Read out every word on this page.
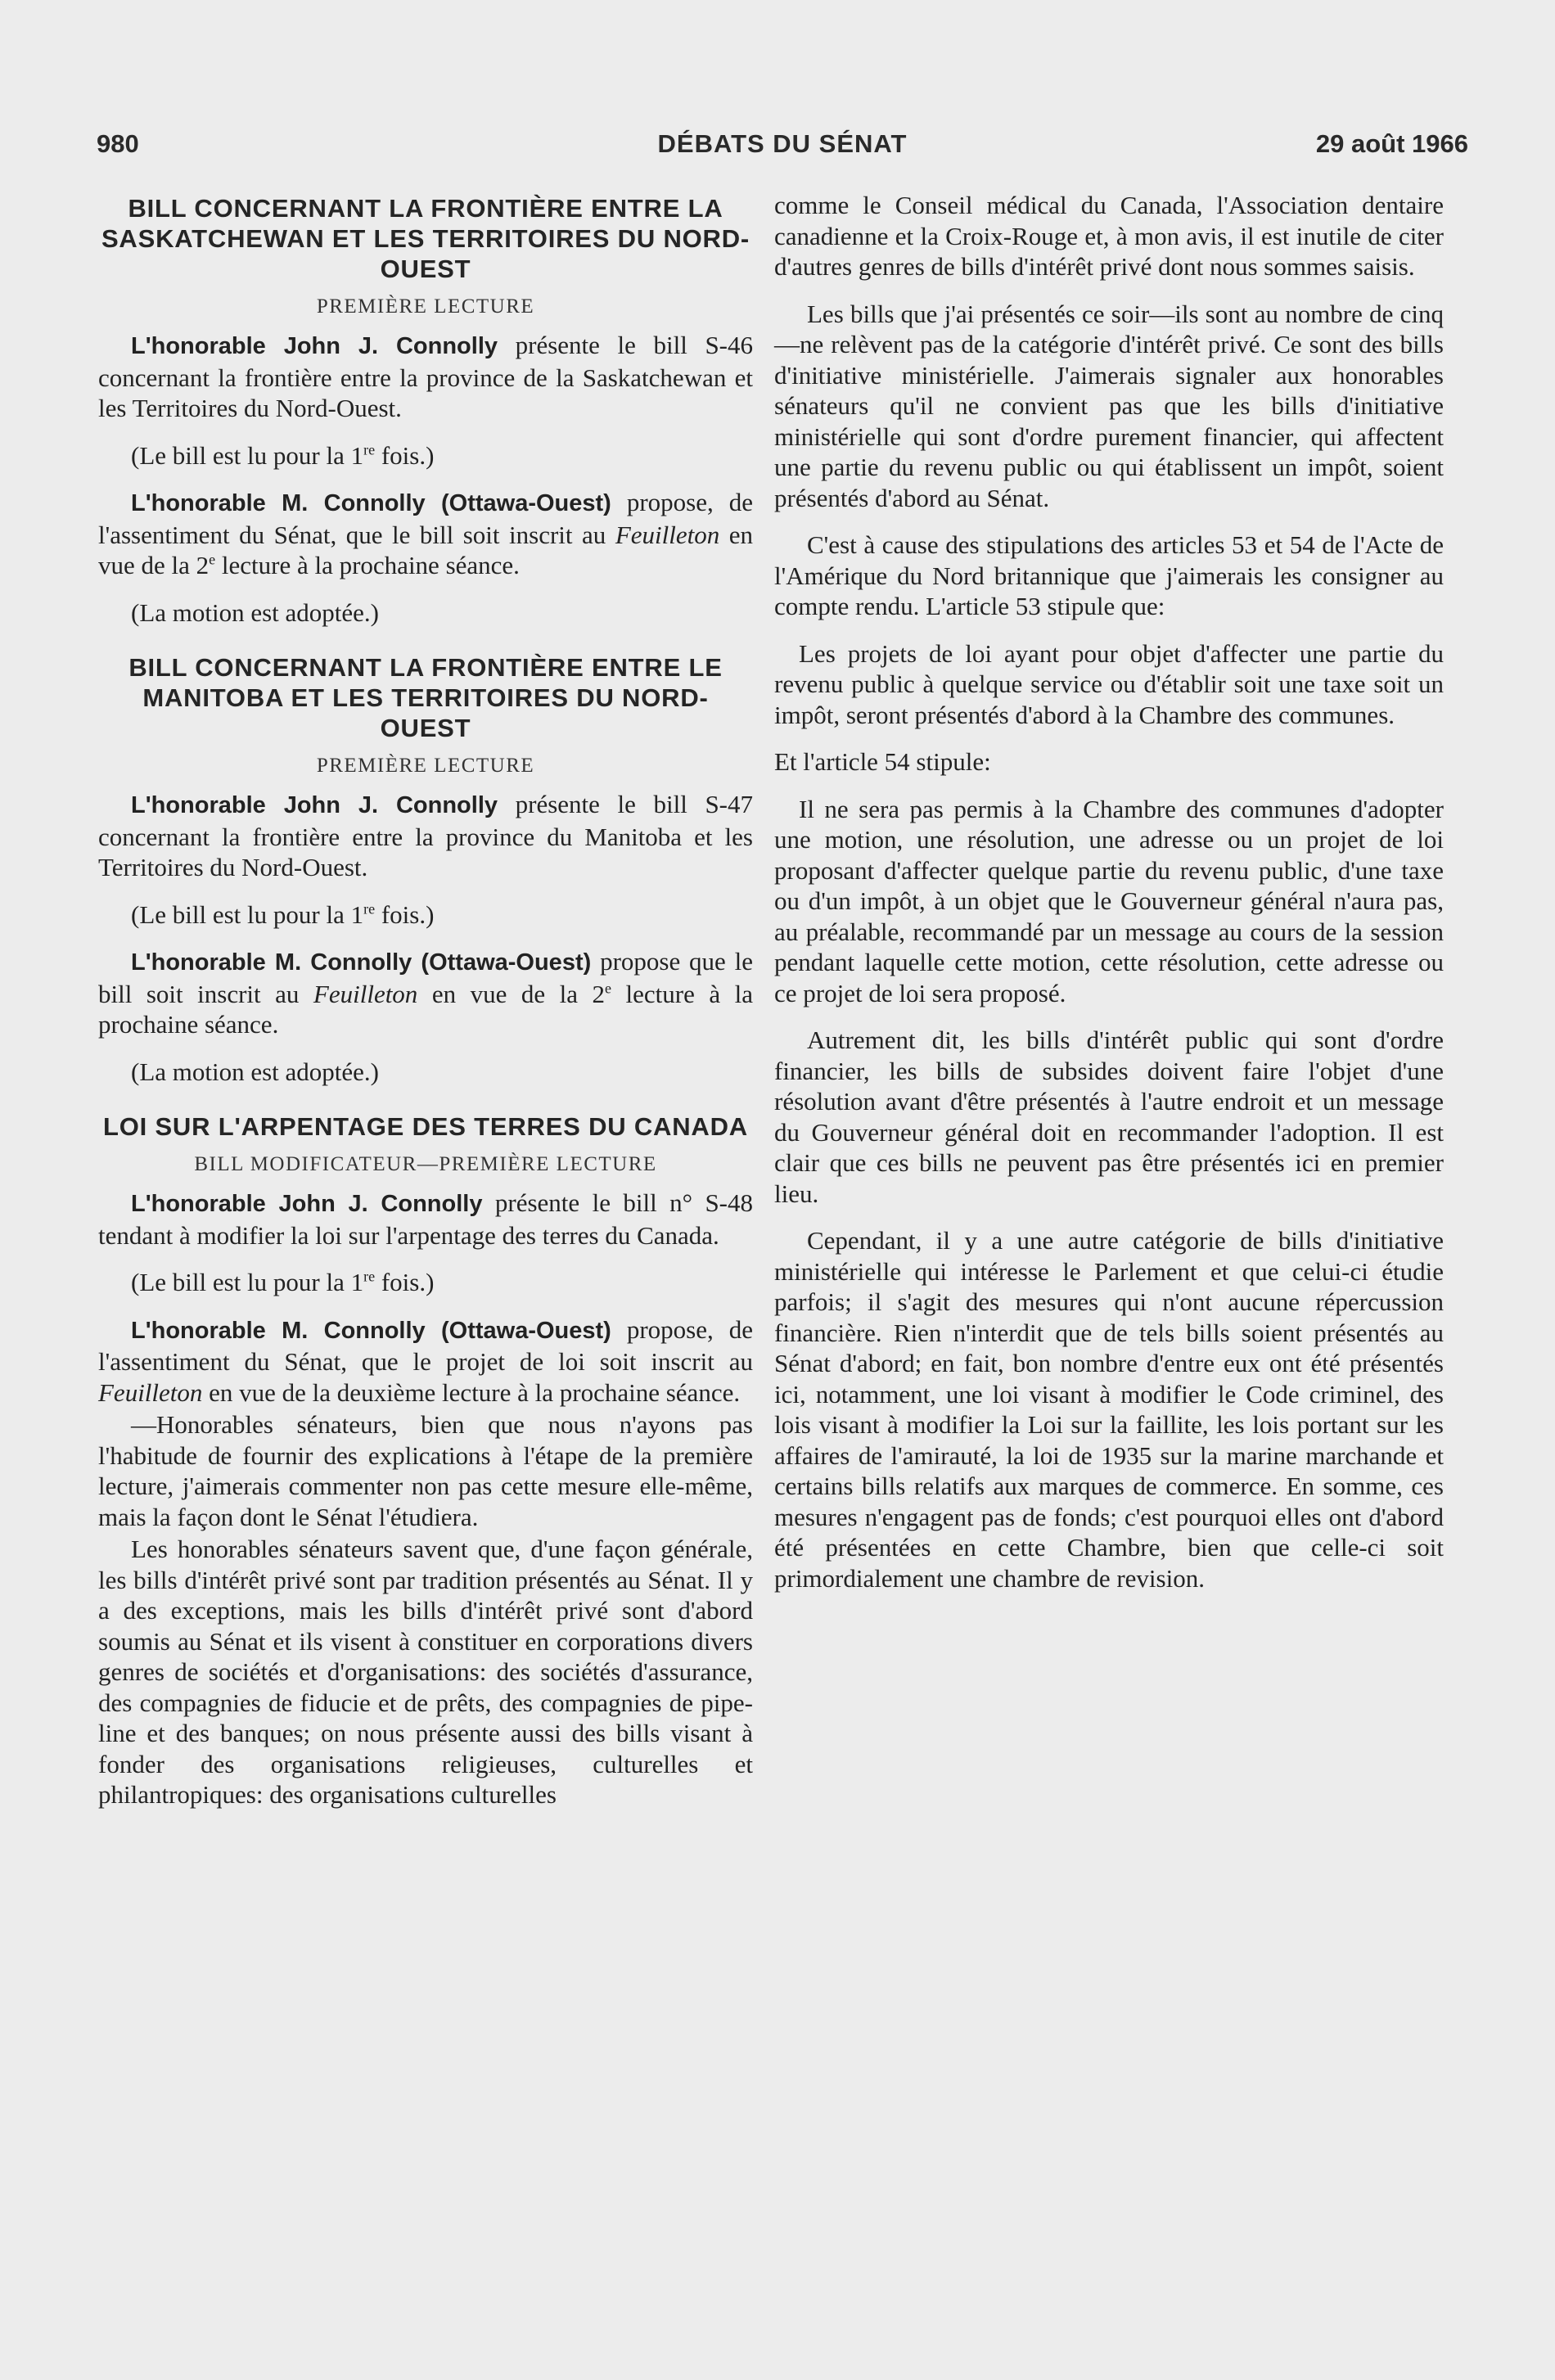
980	DÉBATS DU SÉNAT	29 août 1966
BILL CONCERNANT LA FRONTIÈRE ENTRE LA SASKATCHEWAN ET LES TERRITOIRES DU NORD-OUEST
PREMIÈRE LECTURE

L'honorable John J. Connolly présente le bill S-46 concernant la frontière entre la province de la Saskatchewan et les Territoires du Nord-Ouest.

(Le bill est lu pour la 1re fois.)

L'honorable M. Connolly (Ottawa-Ouest) propose, de l'assentiment du Sénat, que le bill soit inscrit au Feuilleton en vue de la 2e lecture à la prochaine séance.

(La motion est adoptée.)

BILL CONCERNANT LA FRONTIÈRE ENTRE LE MANITOBA ET LES TERRITOIRES DU NORD-OUEST
PREMIÈRE LECTURE

L'honorable John J. Connolly présente le bill S-47 concernant la frontière entre la province du Manitoba et les Territoires du Nord-Ouest.

(Le bill est lu pour la 1re fois.)

L'honorable M. Connolly (Ottawa-Ouest) propose que le bill soit inscrit au Feuilleton en vue de la 2e lecture à la prochaine séance.

(La motion est adoptée.)

LOI SUR L'ARPENTAGE DES TERRES DU CANADA
BILL MODIFICATEUR—PREMIÈRE LECTURE

L'honorable John J. Connolly présente le bill n° S-48 tendant à modifier la loi sur l'arpentage des terres du Canada.

(Le bill est lu pour la 1re fois.)

L'honorable M. Connolly (Ottawa-Ouest) propose, de l'assentiment du Sénat, que le projet de loi soit inscrit au Feuilleton en vue de la deuxième lecture à la prochaine séance.

—Honorables sénateurs, bien que nous n'ayons pas l'habitude de fournir des explications à l'étape de la première lecture, j'aimerais commenter non pas cette mesure elle-même, mais la façon dont le Sénat l'étudiera.

Les honorables sénateurs savent que, d'une façon générale, les bills d'intérêt privé sont par tradition présentés au Sénat. Il y a des exceptions, mais les bills d'intérêt privé sont d'abord soumis au Sénat et ils visent à constituer en corporations divers genres de sociétés et d'organisations: des sociétés d'assurance, des compagnies de fiducie et de prêts, des compagnies de pipe-line et des banques; on nous présente aussi des bills visant à fonder des organisations religieuses, culturelles et philantropiques: des organisations culturelles

comme le Conseil médical du Canada, l'Association dentaire canadienne et la Croix-Rouge et, à mon avis, il est inutile de citer d'autres genres de bills d'intérêt privé dont nous sommes saisis.

Les bills que j'ai présentés ce soir—ils sont au nombre de cinq—ne relèvent pas de la catégorie d'intérêt privé. Ce sont des bills d'initiative ministérielle. J'aimerais signaler aux honorables sénateurs qu'il ne convient pas que les bills d'initiative ministérielle qui sont d'ordre purement financier, qui affectent une partie du revenu public ou qui établissent un impôt, soient présentés d'abord au Sénat.

C'est à cause des stipulations des articles 53 et 54 de l'Acte de l'Amérique du Nord britannique que j'aimerais les consigner au compte rendu. L'article 53 stipule que:

Les projets de loi ayant pour objet d'affecter une partie du revenu public à quelque service ou d'établir soit une taxe soit un impôt, seront présentés d'abord à la Chambre des communes.

Et l'article 54 stipule:

Il ne sera pas permis à la Chambre des communes d'adopter une motion, une résolution, une adresse ou un projet de loi proposant d'affecter quelque partie du revenu public, d'une taxe ou d'un impôt, à un objet que le Gouverneur général n'aura pas, au préalable, recommandé par un message au cours de la session pendant laquelle cette motion, cette résolution, cette adresse ou ce projet de loi sera proposé.

Autrement dit, les bills d'intérêt public qui sont d'ordre financier, les bills de subsides doivent faire l'objet d'une résolution avant d'être présentés à l'autre endroit et un message du Gouverneur général doit en recommander l'adoption. Il est clair que ces bills ne peuvent pas être présentés ici en premier lieu.

Cependant, il y a une autre catégorie de bills d'initiative ministérielle qui intéresse le Parlement et que celui-ci étudie parfois; il s'agit des mesures qui n'ont aucune répercussion financière. Rien n'interdit que de tels bills soient présentés au Sénat d'abord; en fait, bon nombre d'entre eux ont été présentés ici, notamment, une loi visant à modifier le Code criminel, des lois visant à modifier la Loi sur la faillite, les lois portant sur les affaires de l'amirauté, la loi de 1935 sur la marine marchande et certains bills relatifs aux marques de commerce. En somme, ces mesures n'engagent pas de fonds; c'est pourquoi elles ont d'abord été présentées en cette Chambre, bien que celle-ci soit primordialement une chambre de revision.
